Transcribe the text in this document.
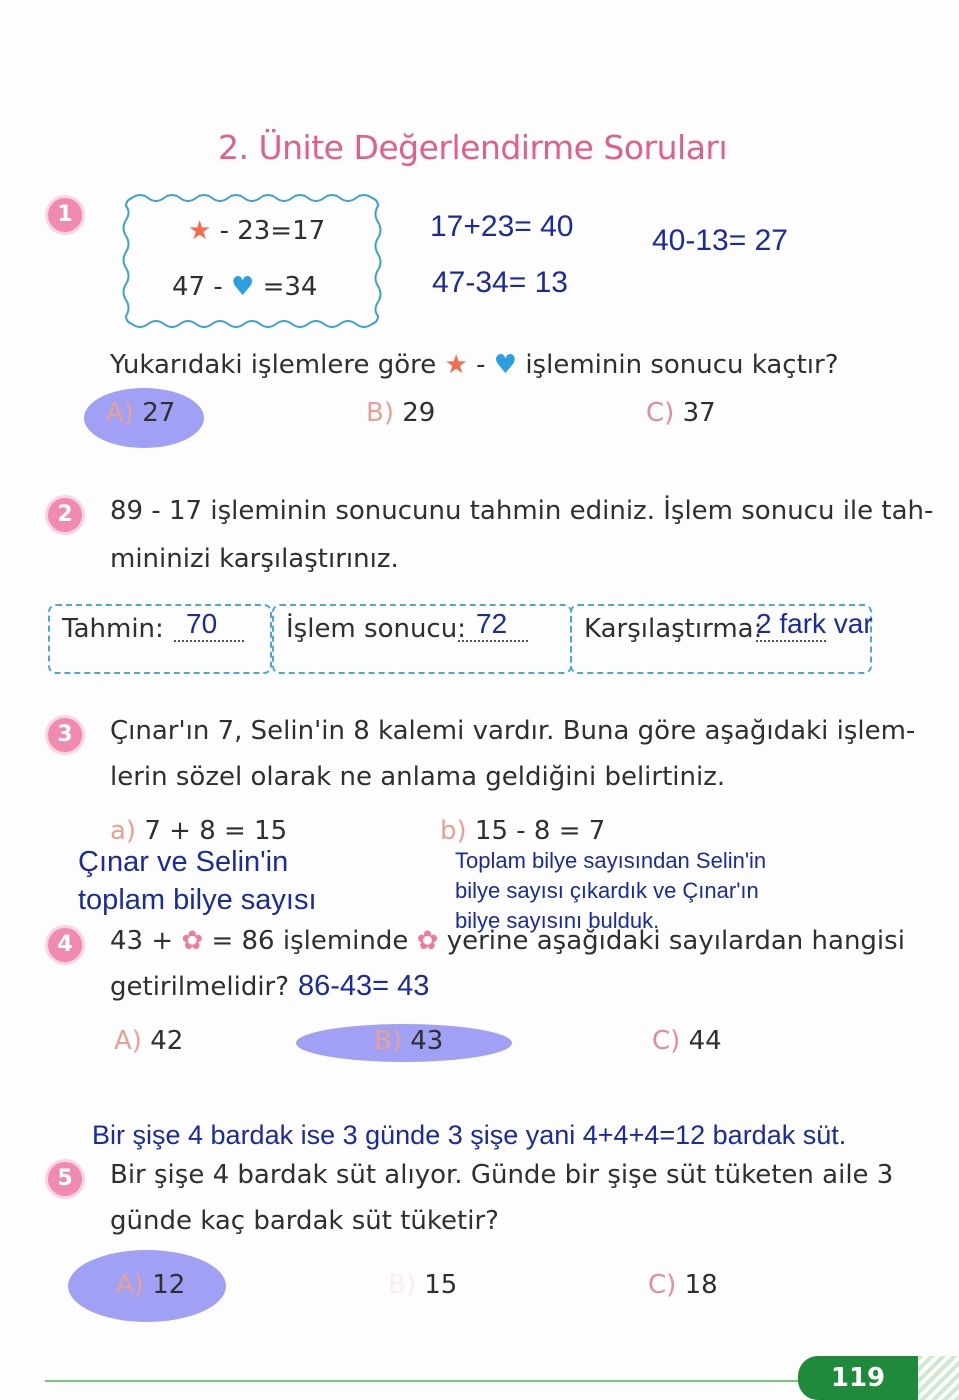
2. Ünite Değerlendirme Soruları
1
★ - 23=17
47 - ♥ =34
17+23= 40
47-34= 13
40-13= 27
Yukarıdaki işlemlere göre ★ - ♥ işleminin sonucu kaçtır?
A) 27	B) 29	C) 37
2	89 - 17 işleminin sonucunu tahmin ediniz. İşlem sonucu ile tah-
mininizi karşılaştırınız.
Tahmin: 70	İşlem sonucu: 72	Karşılaştırma:
2 fark var
3	Çınar'ın 7, Selin'in 8 kalemi vardır. Buna göre aşağıdaki işlem-
lerin sözel olarak ne anlama geldiğini belirtiniz.
a) 7 + 8 = 15	b) 15 - 8 = 7
Çınar ve Selin'in
toplam bilye sayısı
Toplam bilye sayısından Selin'in
bilye sayısı çıkardık ve Çınar'ın
bilye sayısını bulduk.
4	43 + ✿ = 86 işleminde ✿ yerine aşağıdaki sayılardan hangisi
getirilmelidir? 86-43= 43
A) 42	B) 43	C) 44
Bir şişe 4 bardak ise 3 günde 3 şişe yani 4+4+4=12 bardak süt.
5	Bir şişe 4 bardak süt alıyor. Günde bir şişe süt tüketen aile 3
günde kaç bardak süt tüketir?
A) 12	B) 15	C) 18
119
